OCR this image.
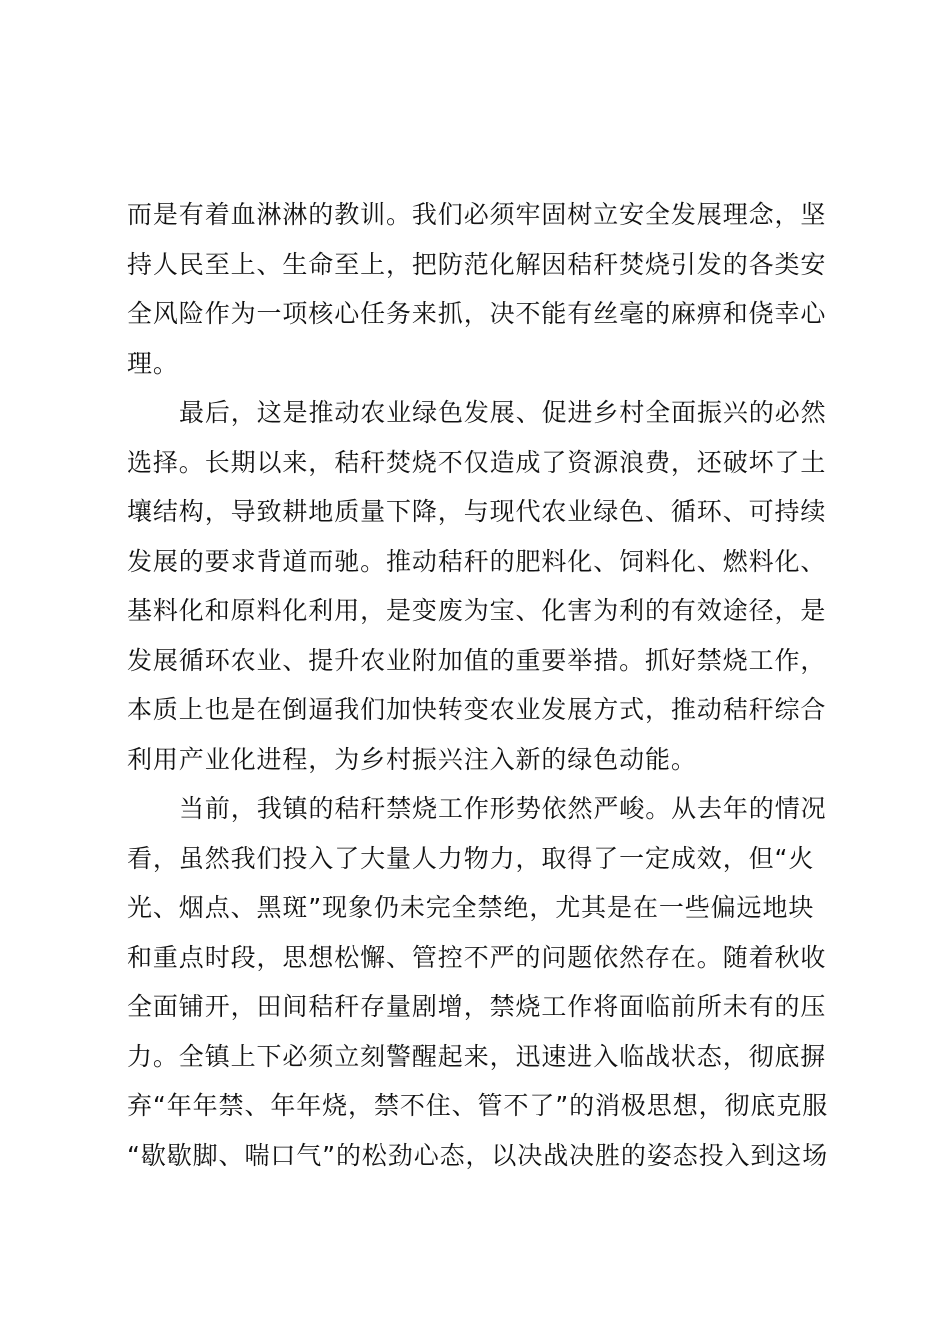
而是有着血淋淋的教训。我们必须牢固树立安全发展理念，坚
持人民至上、生命至上，把防范化解因秸秆焚烧引发的各类安
全风险作为一项核心任务来抓，决不能有丝毫的麻痹和侥幸心
理。
最后，这是推动农业绿色发展、促进乡村全面振兴的必然
选择。长期以来，秸秆焚烧不仅造成了资源浪费，还破坏了土
壤结构，导致耕地质量下降，与现代农业绿色、循环、可持续
发展的要求背道而驰。推动秸秆的肥料化、饲料化、燃料化、
基料化和原料化利用，是变废为宝、化害为利的有效途径，是
发展循环农业、提升农业附加值的重要举措。抓好禁烧工作，
本质上也是在倒逼我们加快转变农业发展方式，推动秸秆综合
利用产业化进程，为乡村振兴注入新的绿色动能。
当前，我镇的秸秆禁烧工作形势依然严峻。从去年的情况
看，虽然我们投入了大量人力物力，取得了一定成效，但“火
光、烟点、黑斑”现象仍未完全禁绝，尤其是在一些偏远地块
和重点时段，思想松懈、管控不严的问题依然存在。随着秋收
全面铺开，田间秸秆存量剧增，禁烧工作将面临前所未有的压
力。全镇上下必须立刻警醒起来，迅速进入临战状态，彻底摒
弃“年年禁、年年烧，禁不住、管不了”的消极思想，彻底克服
“歇歇脚、喘口气”的松劲心态，以决战决胜的姿态投入到这场
